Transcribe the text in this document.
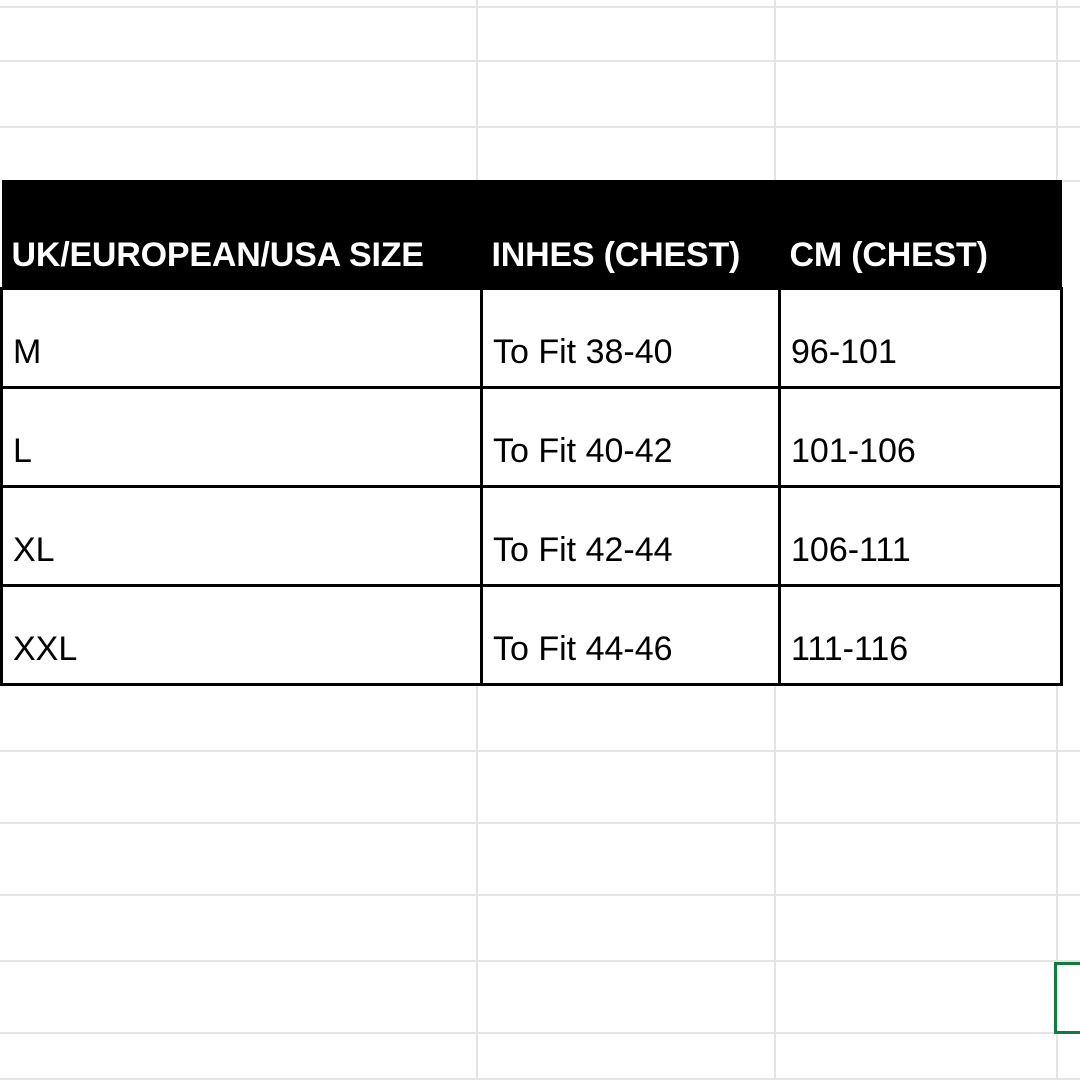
UK/EUROPEAN/USA SIZE	INHES (CHEST)	CM (CHEST)
M	To Fit 38-40	96-101
L	To Fit 40-42	101-106
XL	To Fit 42-44	106-111
XXL	To Fit 44-46	111-116
